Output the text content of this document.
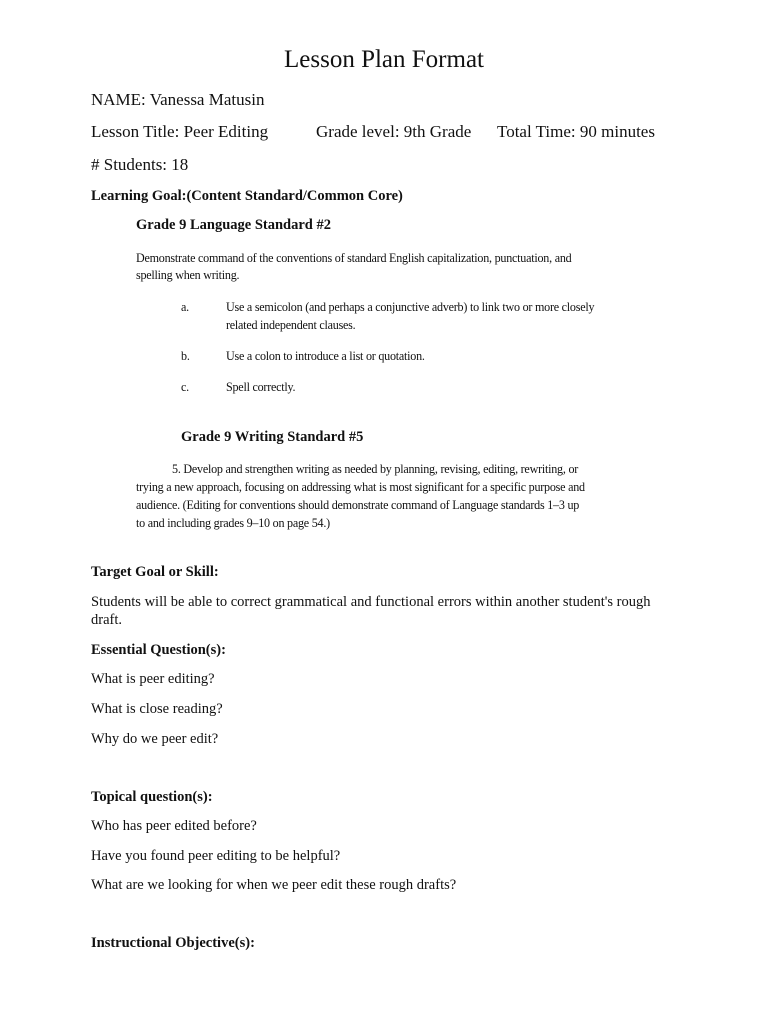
Lesson Plan Format
NAME: Vanessa Matusin
Lesson Title: Peer Editing	Grade level: 9th Grade Total Time: 90 minutes
# Students: 18
Learning Goal:(Content Standard/Common Core)
Grade 9 Language Standard #2
Demonstrate command of the conventions of standard English capitalization, punctuation, and
spelling when writing.
a.	Use a semicolon (and perhaps a conjunctive adverb) to link two or more closely
related independent clauses.
b.	Use a colon to introduce a list or quotation.
c.	Spell correctly.
Grade 9 Writing Standard #5
5. Develop and strengthen writing as needed by planning, revising, editing, rewriting, or
trying a new approach, focusing on addressing what is most significant for a specific purpose and
audience. (Editing for conventions should demonstrate command of Language standards 1–3 up
to and including grades 9–10 on page 54.)
Target Goal or Skill:
Students will be able to correct grammatical and functional errors within another student's rough
draft.
Essential Question(s):
What is peer editing?
What is close reading?
Why do we peer edit?
Topical question(s):
Who has peer edited before?
Have you found peer editing to be helpful?
What are we looking for when we peer edit these rough drafts?
Instructional Objective(s):
